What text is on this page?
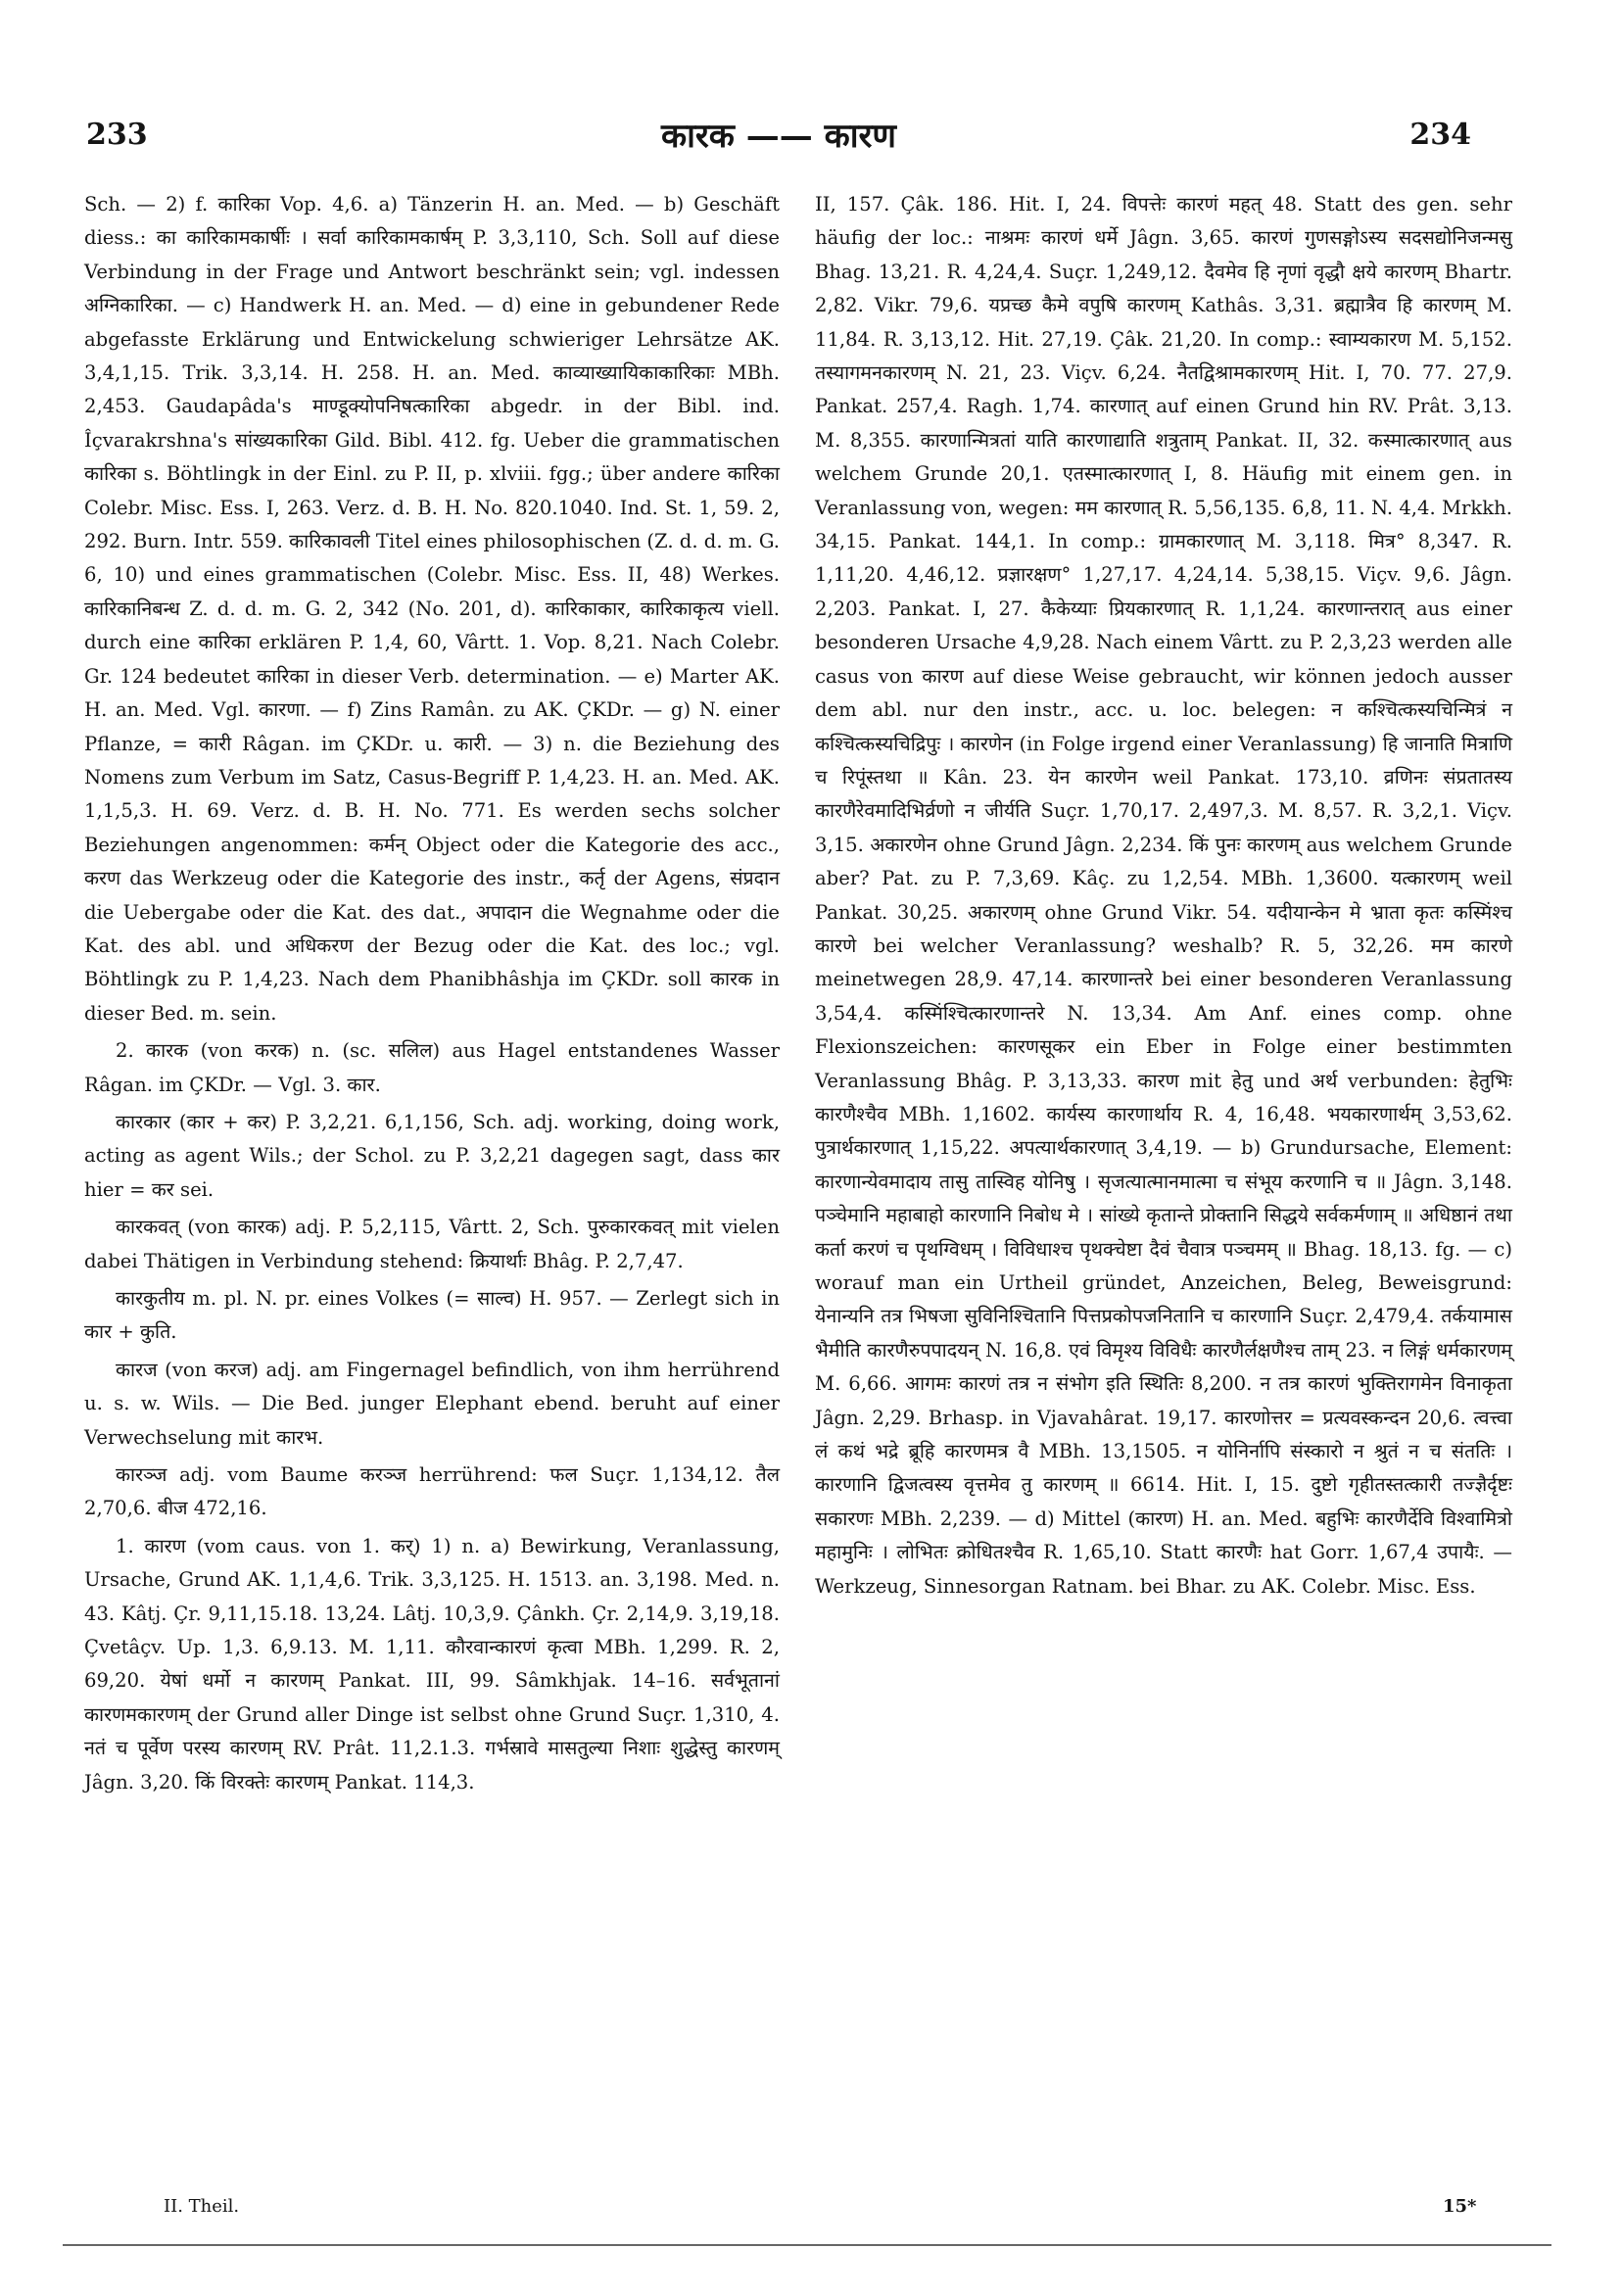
233	कारक —— कारण	234

Sch. — 2) f. कारिका Vop. 4,6. a) Tänzerin H. an. Med. — b) Geschäft diess.: का कारिकामकार्षीः । सर्वा कारिकामकार्षम् P. 3,3,110, Sch. Soll auf diese Verbindung in der Frage und Antwort beschränkt sein; vgl. indessen अग्निकारिका. — c) Handwerk H. an. Med. — d) eine in gebundener Rede abgefasste Erklärung und Entwickelung schwieriger Lehrsätze AK. 3,4,1,15. Trik. 3,3,14. H. 258. H. an. Med. काव्याख्यायिकाकारिकाः MBh. 2,453. Gaudapâda's माण्डूक्योपनिषत्कारिका abgedr. in der Bibl. ind. Îçvarakrshna's सांख्यकारिका Gild. Bibl. 412. fg. Ueber die grammatischen कारिका s. Böhtlingk in der Einl. zu P. II, p. xlviii. fgg.; über andere कारिका Colebr. Misc. Ess. I, 263. Verz. d. B. H. No. 820.1040. Ind. St. 1, 59. 2, 292. Burn. Intr. 559. कारिकावली Titel eines philosophischen (Z. d. d. m. G. 6, 10) und eines grammatischen (Colebr. Misc. Ess. II, 48) Werkes. कारिकानिबन्ध Z. d. d. m. G. 2, 342 (No. 201, d). कारिकाकार, कारिकाकृत्य viell. durch eine कारिका erklären P. 1,4, 60, Vârtt. 1. Vop. 8,21. Nach Colebr. Gr. 124 bedeutet कारिका in dieser Verb. determination. — e) Marter AK. H. an. Med. Vgl. कारणा. — f) Zins Ramân. zu AK. ÇKDr. — g) N. einer Pflanze, = कारी Râgan. im ÇKDr. u. कारी. — 3) n. die Beziehung des Nomens zum Verbum im Satz, Casus-Begriff P. 1,4,23. H. an. Med. AK. 1,1,5,3. H. 69. Verz. d. B. H. No. 771. Es werden sechs solcher Beziehungen angenommen: कर्मन् Object oder die Kategorie des acc., करण das Werkzeug oder die Kategorie des instr., कर्तृ der Agens, संप्रदान die Uebergabe oder die Kat. des dat., अपादान die Wegnahme oder die Kat. des abl. und अधिकरण der Bezug oder die Kat. des loc.; vgl. Böhtlingk zu P. 1,4,23. Nach dem Phanibhâshja im ÇKDr. soll कारक in dieser Bed. m. sein.

2. कारक (von करक) n. (sc. सलिल) aus Hagel entstandenes Wasser Râgan. im ÇKDr. — Vgl. 3. कार.

कारकार (कार + कर) P. 3,2,21. 6,1,156, Sch. adj. working, doing work, acting as agent Wils.; der Schol. zu P. 3,2,21 dagegen sagt, dass कार hier = कर sei.

कारकवत् (von कारक) adj. P. 5,2,115, Vârtt. 2, Sch. पुरुकारकवत् mit vielen dabei Thätigen in Verbindung stehend: क्रियार्थाः Bhâg. P. 2,7,47.

कारकुतीय m. pl. N. pr. eines Volkes (= साल्व) H. 957. — Zerlegt sich in कार + कुति.

कारज (von करज) adj. am Fingernagel befindlich, von ihm herrührend u. s. w. Wils. — Die Bed. junger Elephant ebend. beruht auf einer Verwechselung mit कारभ.

कारञ्ज adj. vom Baume करञ्ज herrührend: फल Suçr. 1,134,12. तैल 2,70,6. बीज 472,16.

1. कारण (vom caus. von 1. कर्) 1) n. a) Bewirkung, Veranlassung, Ursache, Grund AK. 1,1,4,6. Trik. 3,3,125. H. 1513. an. 3,198. Med. n. 43. Kâtj. Çr. 9,11,15.18. 13,24. Lâtj. 10,3,9. Çânkh. Çr. 2,14,9. 3,19,18. Çvetâçv. Up. 1,3. 6,9.13. M. 1,11. कौरवान्कारणं कृत्वा MBh. 1,299. R. 2, 69,20. येषां धर्मो न कारणम् Pankat. III, 99. Sâmkhjak. 14–16. सर्वभूतानां कारणमकारणम् der Grund aller Dinge ist selbst ohne Grund Suçr. 1,310, 4. नतं च पूर्वेण परस्य कारणम् RV. Prât. 11,2.1.3. गर्भस्रावे मासतुल्या निशाः शुद्धेस्तु कारणम् Jâgn. 3,20. किं विरक्तेः कारणम् Pankat. 114,3.

II, 157. Çâk. 186. Hit. I, 24. विपत्तेः कारणं महत् 48. Statt des gen. sehr häufig der loc.: नाश्रमः कारणं धर्मे Jâgn. 3,65. कारणं गुणसङ्गोऽस्य सदसद्योनिजन्मसु Bhag. 13,21. R. 4,24,4. Suçr. 1,249,12. दैवमेव हि नृणां वृद्धौ क्षये कारणम् Bhartr. 2,82. Vikr. 79,6. यप्रच्छ कैमे वपुषि कारणम् Kathâs. 3,31. ब्रह्मात्रैव हि कारणम् M. 11,84. R. 3,13,12. Hit. 27,19. Çâk. 21,20. In comp.: स्वाम्यकारण M. 5,152. तस्यागमनकारणम् N. 21, 23. Viçv. 6,24. नैतद्विश्रामकारणम् Hit. I, 70. 77. 27,9. Pankat. 257,4. Ragh. 1,74. कारणात् auf einen Grund hin RV. Prât. 3,13. M. 8,355. कारणान्मित्रतां याति कारणाद्याति शत्रुताम् Pankat. II, 32. कस्मात्कारणात् aus welchem Grunde 20,1. एतस्मात्कारणात् I, 8. Häufig mit einem gen. in Veranlassung von, wegen: मम कारणात् R. 5,56,135. 6,8, 11. N. 4,4. Mrkkh. 34,15. Pankat. 144,1. In comp.: ग्रामकारणात् M. 3,118. मित्र° 8,347. R. 1,11,20. 4,46,12. प्रज्ञारक्षण° 1,27,17. 4,24,14. 5,38,15. Viçv. 9,6. Jâgn. 2,203. Pankat. I, 27. कैकेय्याः प्रियकारणात् R. 1,1,24. कारणान्तरात् aus einer besonderen Ursache 4,9,28. Nach einem Vârtt. zu P. 2,3,23 werden alle casus von कारण auf diese Weise gebraucht, wir können jedoch ausser dem abl. nur den instr., acc. u. loc. belegen: न कश्चित्कस्यचिन्मित्रं न कश्चित्कस्यचिद्रिपुः । कारणेन (in Folge irgend einer Veranlassung) हि जानाति मित्राणि च रिपूंस्तथा ॥ Kân. 23. येन कारणेन weil Pankat. 173,10. व्रणिनः संप्रतातस्य कारणैरेवमादिभिर्व्रणो न जीर्यति Suçr. 1,70,17. 2,497,3. M. 8,57. R. 3,2,1. Viçv. 3,15. अकारणेन ohne Grund Jâgn. 2,234. किं पुनः कारणम् aus welchem Grunde aber? Pat. zu P. 7,3,69. Kâç. zu 1,2,54. MBh. 1,3600. यत्कारणम् weil Pankat. 30,25. अकारणम् ohne Grund Vikr. 54. यदीयान्केन मे भ्राता कृतः कस्मिंश्च कारणे bei welcher Veranlassung? weshalb? R. 5, 32,26. मम कारणे meinetwegen 28,9. 47,14. कारणान्तरे bei einer besonderen Veranlassung 3,54,4. कस्मिंश्चित्कारणान्तरे N. 13,34. Am Anf. eines comp. ohne Flexionszeichen: कारणसूकर ein Eber in Folge einer bestimmten Veranlassung Bhâg. P. 3,13,33. कारण mit हेतु und अर्थ verbunden: हेतुभिः कारणैश्चैव MBh. 1,1602. कार्यस्य कारणार्थाय R. 4, 16,48. भयकारणार्थम् 3,53,62. पुत्रार्थकारणात् 1,15,22. अपत्यार्थकारणात् 3,4,19. — b) Grundursache, Element: कारणान्येवमादाय तासु तास्विह योनिषु । सृजत्यात्मानमात्मा च संभूय करणानि च ॥ Jâgn. 3,148. पञ्चेमानि महाबाहो कारणानि निबोध मे । सांख्ये कृतान्ते प्रोक्तानि सिद्धये सर्वकर्मणाम् ॥ अधिष्ठानं तथा कर्ता करणं च पृथग्विधम् । विविधाश्च पृथक्चेष्टा दैवं चैवात्र पञ्चमम् ॥ Bhag. 18,13. fg. — c) worauf man ein Urtheil gründet, Anzeichen, Beleg, Beweisgrund: येनान्यनि तत्र भिषजा सुविनिश्चितानि पित्तप्रकोपजनितानि च कारणानि Suçr. 2,479,4. तर्कयामास भैमीति कारणैरुपपादयन् N. 16,8. एवं विमृश्य विविधैः कारणैर्लक्षणैश्च ताम् 23. न लिङ्गं धर्मकारणम् M. 6,66. आगमः कारणं तत्र न संभोग इति स्थितिः 8,200. न तत्र कारणं भुक्तिरागमेन विनाकृता Jâgn. 2,29. Brhasp. in Vjavahârat. 19,17. कारणोत्तर = प्रत्यवस्कन्दन 20,6. त्वत्त्वा लं कथं भद्रे ब्रूहि कारणमत्र वै MBh. 13,1505. न योनिर्नापि संस्कारो न श्रुतं न च संततिः । कारणानि द्विजत्वस्य वृत्तमेव तु कारणम् ॥ 6614. Hit. I, 15. दुष्टो गृहीतस्तत्कारी तज्ज्ञैर्दृष्टः सकारणः MBh. 2,239. — d) Mittel (कारण) H. an. Med. बहुभिः कारणैर्देवि विश्वामित्रो महामुनिः । लोभितः क्रोधितश्चैव R. 1,65,10. Statt कारणैः hat Gorr. 1,67,4 उपायैः. — Werkzeug, Sinnesorgan Ratnam. bei Bhar. zu AK. Colebr. Misc. Ess.

II. Theil.	15*
